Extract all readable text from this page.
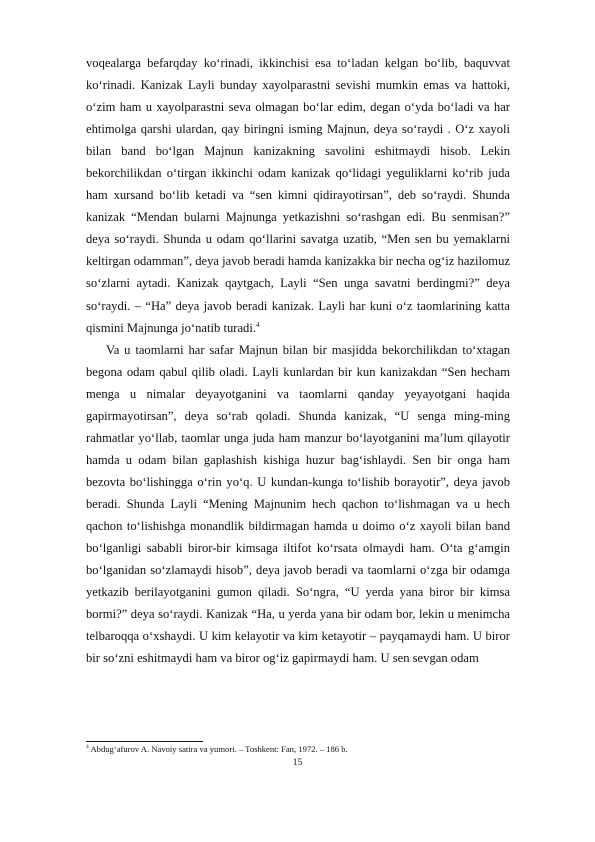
voqealarga befarqday ko‘rinadi, ikkinchisi esa to‘ladan kelgan bo‘lib, baquvvat ko‘rinadi. Kanizak Layli bunday xayolparastni sevishi mumkin emas va hattoki, o‘zim ham u xayolparastni seva olmagan bo‘lar edim, degan o‘yda bo‘ladi va har ehtimolga qarshi ulardan, qay biringni isming Majnun, deya so‘raydi . O‘z xayoli bilan band bo‘lgan Majnun kanizakning savolini eshitmaydi hisob. Lekin bekorchilikdan o‘tirgan ikkinchi odam kanizak qo‘lidagi yeguliklarni ko‘rib juda ham xursand bo‘lib ketadi va “sen kimni qidirayotirsan”, deb so‘raydi. Shunda kanizak “Mendan bularni Majnunga yetkazishni so‘rashgan edi. Bu senmisan?” deya so‘raydi. Shunda u odam qo‘llarini savatga uzatib, “Men sen bu yemaklarni keltirgan odamman”, deya javob beradi hamda kanizakka bir necha og‘iz hazilomuz so‘zlarni aytadi. Kanizak qaytgach, Layli “Sen unga savatni berdingmi?” deya so‘raydi. – “Ha” deya javob beradi kanizak. Layli har kuni o‘z taomlarining katta qismini Majnunga jo‘natib turadi.$^4$

Va u taomlarni har safar Majnun bilan bir masjidda bekorchilikdan to‘xtagan begona odam qabul qilib oladi. Layli kunlardan bir kun kanizakdan “Sen hecham menga u nimalar deyayotganini va taomlarni qanday yeyayotgani haqida gapirmayotirsan”, deya so‘rab qoladi. Shunda kanizak, “U senga ming-ming rahmatlar yo‘llab, taomlar unga juda ham manzur bo‘layotganini ma’lum qilayotir hamda u odam bilan gaplashish kishiga huzur bag‘ishlaydi. Sen bir onga ham bezovta bo‘lishingga o‘rin yo‘q. U kundan-kunga to‘lishib borayotir”, deya javob beradi. Shunda Layli “Mening Majnunim hech qachon to‘lishmagan va u hech qachon to‘lishishga monandlik bildirmagan hamda u doimo o‘z xayoli bilan band bo‘lganligi sababli biror-bir kimsaga iltifot ko‘rsata olmaydi ham. O‘ta g‘amgin bo‘lganidan so‘zlamaydi hisob”, deya javob beradi va taomlarni o‘zga bir odamga yetkazib berilayotganini gumon qiladi. So‘ngra, “U yerda yana biror bir kimsa bormi?” deya so‘raydi. Kanizak “Ha, u yerda yana bir odam bor, lekin u menimcha telbaroqqa o‘xshaydi. U kim kelayotir va kim ketayotir – payqamaydi ham. U biror bir so‘zni eshitmaydi ham va biror og‘iz gapirmaydi ham. U sen sevgan odam

$^4$ Abdug‘afurov A. Navoiy satira va yumori. – Toshkent: Fan, 1972. – 186 b.
15
